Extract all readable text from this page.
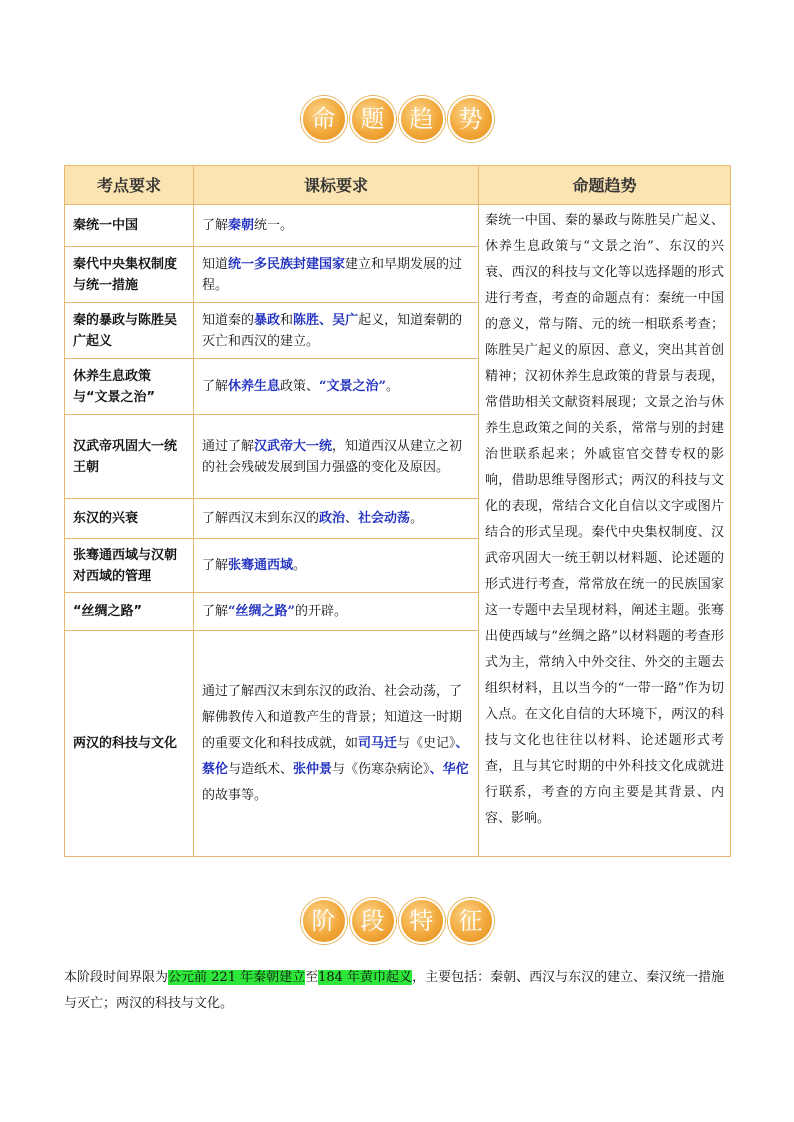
命	题	趋	势
考点要求	课标要求	命题趋势
秦统一中国	了解秦朝统一。	秦统一中国、秦的暴政与陈胜吴广起义、休养生息政策与“文景之治”、东汉的兴衰、西汉的科技与文化等以选择题的形式进行考查，考查的命题点有：秦统一中国的意义，常与隋、元的统一相联系考查；陈胜吴广起义的原因、意义，突出其首创精神；汉初休养生息政策的背景与表现，常借助相关文献资料展现；文景之治与休养生息政策之间的关系，常常与别的封建治世联系起来；外戚宦官交替专权的影响，借助思维导图形式；两汉的科技与文化的表现，常结合文化自信以文字或图片结合的形式呈现。秦代中央集权制度、汉武帝巩固大一统王朝以材料题、论述题的形式进行考查，常常放在统一的民族国家这一专题中去呈现材料，阐述主题。张骞出使西域与“丝绸之路”以材料题的考查形式为主，常纳入中外交往、外交的主题去组织材料，且以当今的“一带一路”作为切入点。在文化自信的大环境下，两汉的科技与文化也往往以材料、论述题形式考查，且与其它时期的中外科技文化成就进行联系，考查的方向主要是其背景、内容、影响。
秦代中央集权制度与统一措施	知道统一多民族封建国家建立和早期发展的过程。	
秦的暴政与陈胜吴广起义	知道秦的暴政和陈胜、吴广起义，知道秦朝的灭亡和西汉的建立。	
休养生息政策与“文景之治”	了解休养生息政策、“文景之治”。	
汉武帝巩固大一统王朝	通过了解汉武帝大一统，知道西汉从建立之初的社会残破发展到国力强盛的变化及原因。	
东汉的兴衰	了解西汉末到东汉的政治、社会动荡。	
张骞通西域与汉朝对西域的管理	了解张骞通西域。	
“丝绸之路”	了解“丝绸之路”的开辟。	
两汉的科技与文化	通过了解西汉末到东汉的政治、社会动荡，了解佛教传入和道教产生的背景；知道这一时期的重要文化和科技成就，如司马迁与《史记》、蔡伦与造纸术、张仲景与《伤寒杂病论》、华佗的故事等。	
阶	段	特	征
本阶段时间界限为公元前 221 年秦朝建立至184 年黄巾起义，主要包括：秦朝、西汉与东汉的建立、秦汉统一措施与灭亡；两汉的科技与文化。
